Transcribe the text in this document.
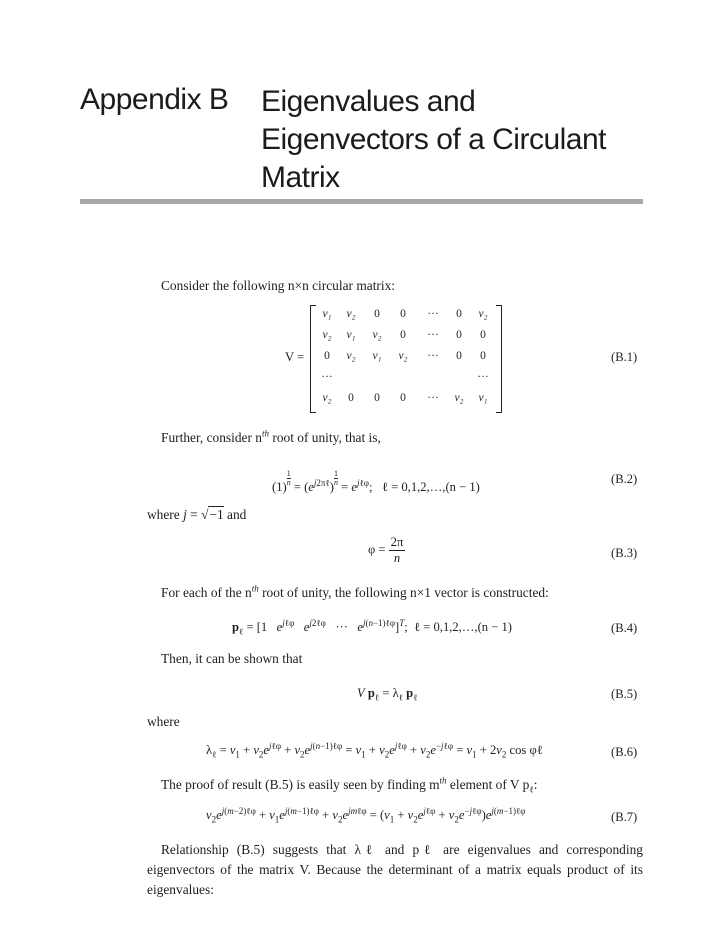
Appendix B Eigenvalues and
Eigenvectors of a Circulant
Matrix
Consider the following n×n circular matrix:
V =
v₁	v₂	0	0	···	0	v₂
v₂	v₁	v₂	0	···	0	0
0	v₂	v₁	v₂	···	0	0
···	···
v₂	0	0	0	···	v₂	v₁
(B.1)
Further, consider $n^{th}$ root of unity, that is,
$(1) \frac{1}{n} = (e^{j2\pi\ell}) \frac{1}{n} = e^{j\ell\varphi}$;   ℓ = 0,1,2,…,(n − 1)
(B.2)
where j = √−1 and
$\varphi = \frac{2\pi}{n}$	(B.3)
For each of the $n^{th}$ root of unity, the following n×1 vector is constructed:
$p_\ell = [1$   $e^{j\ell\varphi}$ $e^{j2\ell\varphi}$   ···   $e^{j(n-1)\ell\varphi}]^T$;  ℓ = 0,1,2,…,(n − 1)	(B.4)
Then, it can be shown that
V $p_\ell = \lambda_\ell$ $p_\ell$	(B.5)
where
$\lambda_\ell = v_1 + v_2e^{j\ell\varphi} + v_2e^{j(n-1)\ell\varphi} = v_1 + v_2e^{j\ell\varphi} + v_2e^{-j\ell\varphi} = v_1 + 2v_2$ cos φℓ	(B.6)
The proof of result (B.5) is easily seen by finding $m^{th}$ element of V $p_\ell$:
$v_2e^{j(m-2)\ell\varphi} + v_1e^{j(m-1)\ell\varphi} + v_2e^{jm\ell\varphi} = (v_1 + v_2e^{j\ell\varphi} + v_2e^{-j\ell\varphi})e^{j(m-1)\ell\varphi}$	(B.7)
Relationship (B.5) suggests that λℓ and pℓ are eigenvalues and corresponding eigenvectors of the matrix V. Because the determinant of a matrix equals product of its eigenvalues:
